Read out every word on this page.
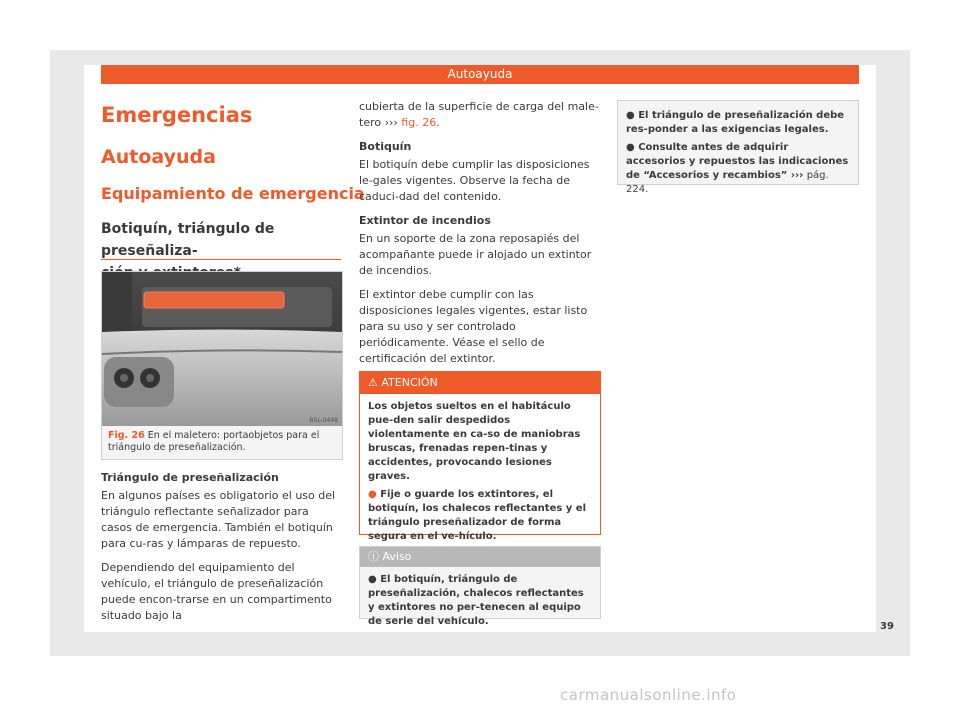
Autoayuda
Emergencias
Autoayuda
Equipamiento de emergencia
Botiquín, triángulo de preseñaliza-

B5L-0448
Fig. 26 En el maletero: portaobjetos para el triángulo de preseñalización.

Triángulo de preseñalización

En algunos países es obligatorio el uso del triángulo reflectante señalizador para casos de emergencia. También el botiquín para cu-ras y lámparas de repuesto.

Dependiendo del equipamiento del vehículo, el triángulo de preseñalización puede encon-trarse en un compartimento situado bajo la

cubierta de la superficie de carga del male-tero ››› fig. 26.

Botiquín

El botiquín debe cumplir las disposiciones le-gales vigentes. Observe la fecha de caduci-dad del contenido.

Extintor de incendios

En un soporte de la zona reposapiés del acompañante puede ir alojado un extintor de incendios.

El extintor debe cumplir con las disposiciones legales vigentes, estar listo para su uso y ser controlado periódicamente. Véase el sello de certificación del extintor.

⚠ ATENCIÓN

Los objetos sueltos en el habitáculo pue-den salir despedidos violentamente en ca-so de maniobras bruscas, frenadas repen-tinas y accidentes, provocando lesiones graves.

● Fije o guarde los extintores, el botiquín, los chalecos reflectantes y el triángulo preseñalizador de forma segura en el ve-hículo.

ⓘ Aviso
● El botiquín, triángulo de preseñalización, chalecos reflectantes y extintores no per-tenecen al equipo de serie del vehículo.

● El triángulo de preseñalización debe res-ponder a las exigencias legales.

● Consulte antes de adquirir accesorios y repuestos las indicaciones de “Accesorios y recambios” ››› pág. 224.

39
carmanualsonline.info
